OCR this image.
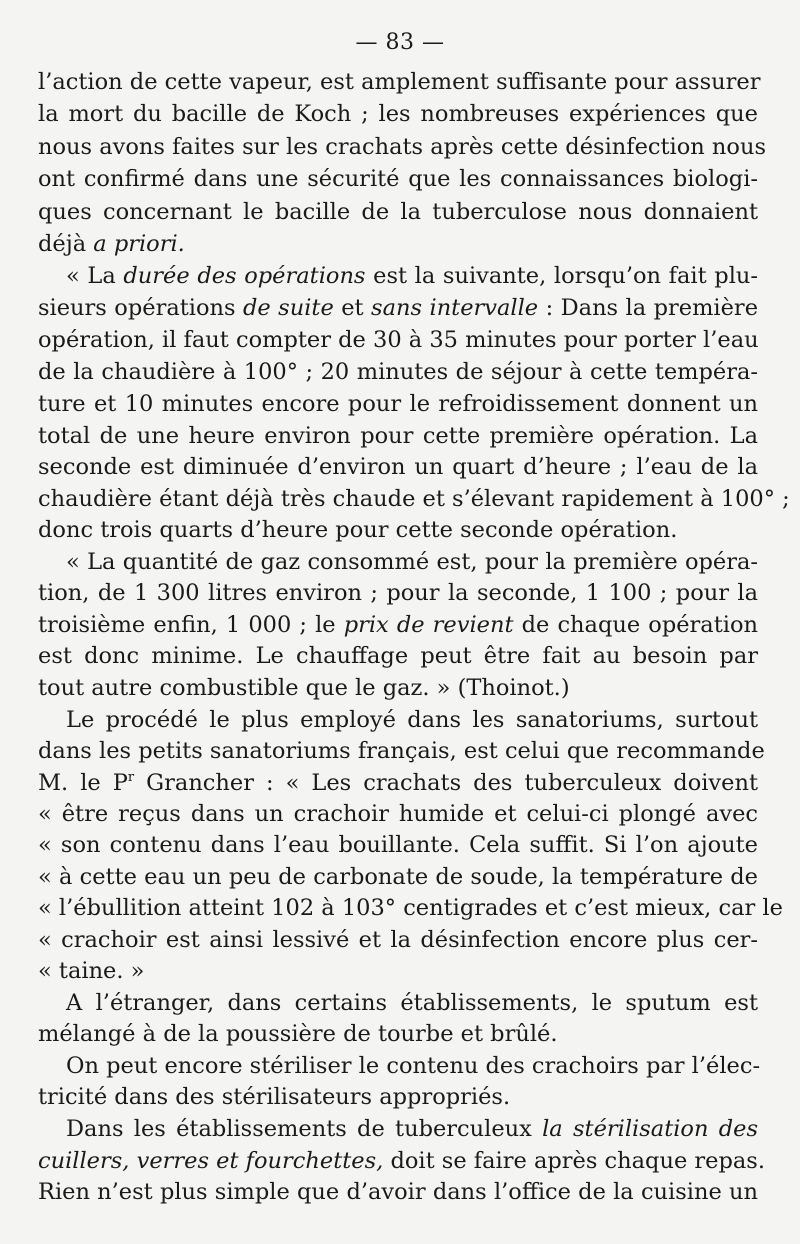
— 83 —
l’action de cette vapeur, est amplement suffisante pour assurer
la mort du bacille de Koch ; les nombreuses expériences que
nous avons faites sur les crachats après cette désinfection nous
ont confirmé dans une sécurité que les connaissances biologi-
ques concernant le bacille de la tuberculose nous donnaient
déjà a priori.
« La durée des opérations est la suivante, lorsqu’on fait plu-
sieurs opérations de suite et sans intervalle : Dans la première
opération, il faut compter de 30 à 35 minutes pour porter l’eau
de la chaudière à 100° ; 20 minutes de séjour à cette tempéra-
ture et 10 minutes encore pour le refroidissement donnent un
total de une heure environ pour cette première opération. La
seconde est diminuée d’environ un quart d’heure ; l’eau de la
chaudière étant déjà très chaude et s’élevant rapidement à 100° ;
donc trois quarts d’heure pour cette seconde opération.
« La quantité de gaz consommé est, pour la première opéra-
tion, de 1 300 litres environ ; pour la seconde, 1 100 ; pour la
troisième enfin, 1 000 ; le prix de revient de chaque opération
est donc minime. Le chauffage peut être fait au besoin par
tout autre combustible que le gaz. » (Thoinot.)
Le procédé le plus employé dans les sanatoriums, surtout
dans les petits sanatoriums français, est celui que recommande
M. le $P^r$ Grancher : « Les crachats des tuberculeux doivent
« être reçus dans un crachoir humide et celui-ci plongé avec
« son contenu dans l’eau bouillante. Cela suffit. Si l’on ajoute
« à cette eau un peu de carbonate de soude, la température de
« l’ébullition atteint 102 à 103° centigrades et c’est mieux, car le
« crachoir est ainsi lessivé et la désinfection encore plus cer-
« taine. »
A l’étranger, dans certains établissements, le sputum est
mélangé à de la poussière de tourbe et brûlé.
On peut encore stériliser le contenu des crachoirs par l’élec-
tricité dans des stérilisateurs appropriés.
Dans les établissements de tuberculeux la stérilisation des
cuillers, verres et fourchettes, doit se faire après chaque repas.
Rien n’est plus simple que d’avoir dans l’office de la cuisine un
